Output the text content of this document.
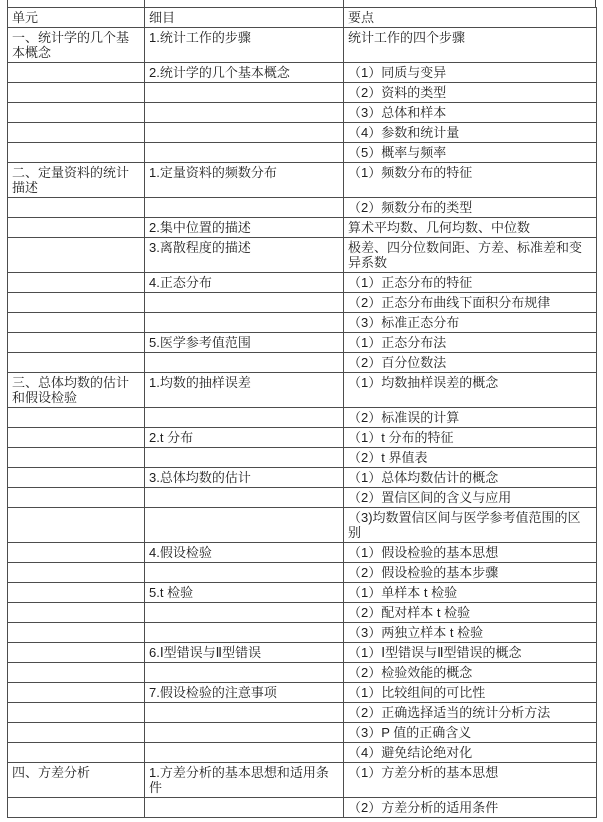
单元	细目	要点
一、统计学的几个基本概念	1.统计工作的步骤	统计工作的四个步骤
	2.统计学的几个基本概念	（1）同质与变异
		（2）资料的类型
		（3）总体和样本
		（4）参数和统计量
		（5）概率与频率
二、定量资料的统计描述	1.定量资料的频数分布	（1）频数分布的特征
		（2）频数分布的类型
	2.集中位置的描述	算术平均数、几何均数、中位数
	3.离散程度的描述	极差、四分位数间距、方差、标准差和变异系数
	4.正态分布	（1）正态分布的特征
		（2）正态分布曲线下面积分布规律
		（3）标准正态分布
	5.医学参考值范围	（1）正态分布法
		（2）百分位数法
三、总体均数的估计和假设检验	1.均数的抽样误差	（1）均数抽样误差的概念
		（2）标准误的计算
	2.t 分布	（1）t 分布的特征
		（2）t 界值表
	3.总体均数的估计	（1）总体均数估计的概念
		（2）置信区间的含义与应用
		（3)均数置信区间与医学参考值范围的区别
	4.假设检验	（1）假设检验的基本思想
		（2）假设检验的基本步骤
	5.t 检验	（1）单样本 t 检验
		（2）配对样本 t 检验
		（3）两独立样本 t 检验
	6.Ⅰ型错误与Ⅱ型错误	（1）Ⅰ型错误与Ⅱ型错误的概念
		（2）检验效能的概念
	7.假设检验的注意事项	（1）比较组间的可比性
		（2）正确选择适当的统计分析方法
		（3）P 值的正确含义
		（4）避免结论绝对化
四、方差分析	1.方差分析的基本思想和适用条件	（1）方差分析的基本思想
		（2）方差分析的适用条件
